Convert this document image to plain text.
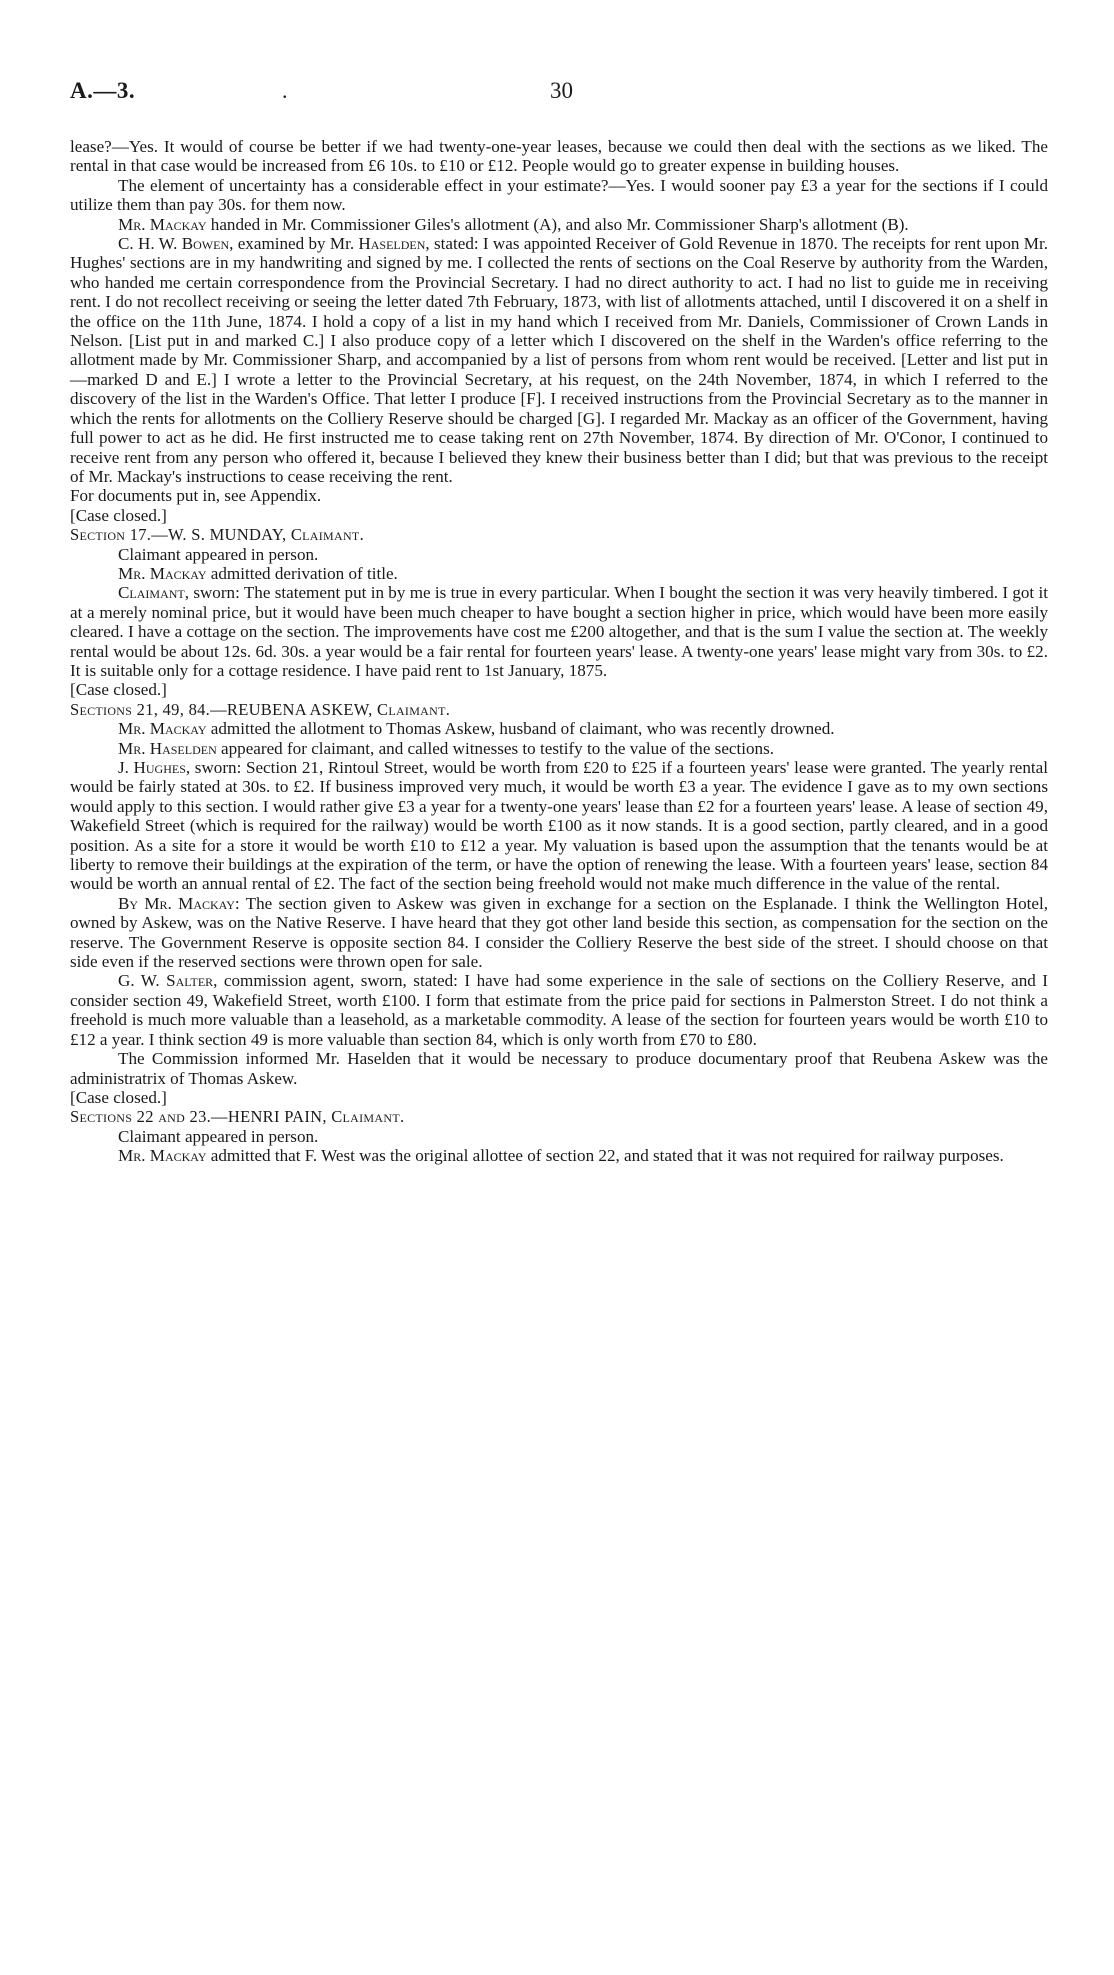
A.—3.	.	30

lease?—Yes. It would of course be better if we had twenty-one-year leases, because we could then deal with the sections as we liked. The rental in that case would be increased from £6 10s. to £10 or £12. People would go to greater expense in building houses.

The element of uncertainty has a considerable effect in your estimate?—Yes. I would sooner pay £3 a year for the sections if I could utilize them than pay 30s. for them now.

Mr. Mackay handed in Mr. Commissioner Giles's allotment (A), and also Mr. Commissioner Sharp's allotment (B).

C. H. W. Bowen, examined by Mr. Haselden, stated: I was appointed Receiver of Gold Revenue in 1870. The receipts for rent upon Mr. Hughes' sections are in my handwriting and signed by me. I collected the rents of sections on the Coal Reserve by authority from the Warden, who handed me certain correspondence from the Provincial Secretary. I had no direct authority to act. I had no list to guide me in receiving rent. I do not recollect receiving or seeing the letter dated 7th February, 1873, with list of allotments attached, until I discovered it on a shelf in the office on the 11th June, 1874. I hold a copy of a list in my hand which I received from Mr. Daniels, Commissioner of Crown Lands in Nelson. [List put in and marked C.] I also produce copy of a letter which I discovered on the shelf in the Warden's office referring to the allotment made by Mr. Commissioner Sharp, and accompanied by a list of persons from whom rent would be received. [Letter and list put in—marked D and E.] I wrote a letter to the Provincial Secretary, at his request, on the 24th November, 1874, in which I referred to the discovery of the list in the Warden's Office. That letter I produce [F]. I received instructions from the Provincial Secretary as to the manner in which the rents for allotments on the Colliery Reserve should be charged [G]. I regarded Mr. Mackay as an officer of the Government, having full power to act as he did. He first instructed me to cease taking rent on 27th November, 1874. By direction of Mr. O'Conor, I continued to receive rent from any person who offered it, because I believed they knew their business better than I did; but that was previous to the receipt of Mr. Mackay's instructions to cease receiving the rent.

For documents put in, see Appendix.

[Case closed.]

Section 17.—W. S. MUNDAY, Claimant.

Claimant appeared in person.

Mr. Mackay admitted derivation of title.

Claimant, sworn: The statement put in by me is true in every particular. When I bought the section it was very heavily timbered. I got it at a merely nominal price, but it would have been much cheaper to have bought a section higher in price, which would have been more easily cleared. I have a cottage on the section. The improvements have cost me £200 altogether, and that is the sum I value the section at. The weekly rental would be about 12s. 6d. 30s. a year would be a fair rental for fourteen years' lease. A twenty-one years' lease might vary from 30s. to £2. It is suitable only for a cottage residence. I have paid rent to 1st January, 1875.

[Case closed.]

Sections 21, 49, 84.—REUBENA ASKEW, Claimant.

Mr. Mackay admitted the allotment to Thomas Askew, husband of claimant, who was recently drowned.

Mr. Haselden appeared for claimant, and called witnesses to testify to the value of the sections.

J. Hughes, sworn: Section 21, Rintoul Street, would be worth from £20 to £25 if a fourteen years' lease were granted. The yearly rental would be fairly stated at 30s. to £2. If business improved very much, it would be worth £3 a year. The evidence I gave as to my own sections would apply to this section. I would rather give £3 a year for a twenty-one years' lease than £2 for a fourteen years' lease. A lease of section 49, Wakefield Street (which is required for the railway) would be worth £100 as it now stands. It is a good section, partly cleared, and in a good position. As a site for a store it would be worth £10 to £12 a year. My valuation is based upon the assumption that the tenants would be at liberty to remove their buildings at the expiration of the term, or have the option of renewing the lease. With a fourteen years' lease, section 84 would be worth an annual rental of £2. The fact of the section being freehold would not make much difference in the value of the rental.

By Mr. Mackay: The section given to Askew was given in exchange for a section on the Esplanade. I think the Wellington Hotel, owned by Askew, was on the Native Reserve. I have heard that they got other land beside this section, as compensation for the section on the reserve. The Government Reserve is opposite section 84. I consider the Colliery Reserve the best side of the street. I should choose on that side even if the reserved sections were thrown open for sale.

G. W. Salter, commission agent, sworn, stated: I have had some experience in the sale of sections on the Colliery Reserve, and I consider section 49, Wakefield Street, worth £100. I form that estimate from the price paid for sections in Palmerston Street. I do not think a freehold is much more valuable than a leasehold, as a marketable commodity. A lease of the section for fourteen years would be worth £10 to £12 a year. I think section 49 is more valuable than section 84, which is only worth from £70 to £80.

The Commission informed Mr. Haselden that it would be necessary to produce documentary proof that Reubena Askew was the administratrix of Thomas Askew.

[Case closed.]

Sections 22 and 23.—HENRI PAIN, Claimant.

Claimant appeared in person.

Mr. Mackay admitted that F. West was the original allottee of section 22, and stated that it was not required for railway purposes.
